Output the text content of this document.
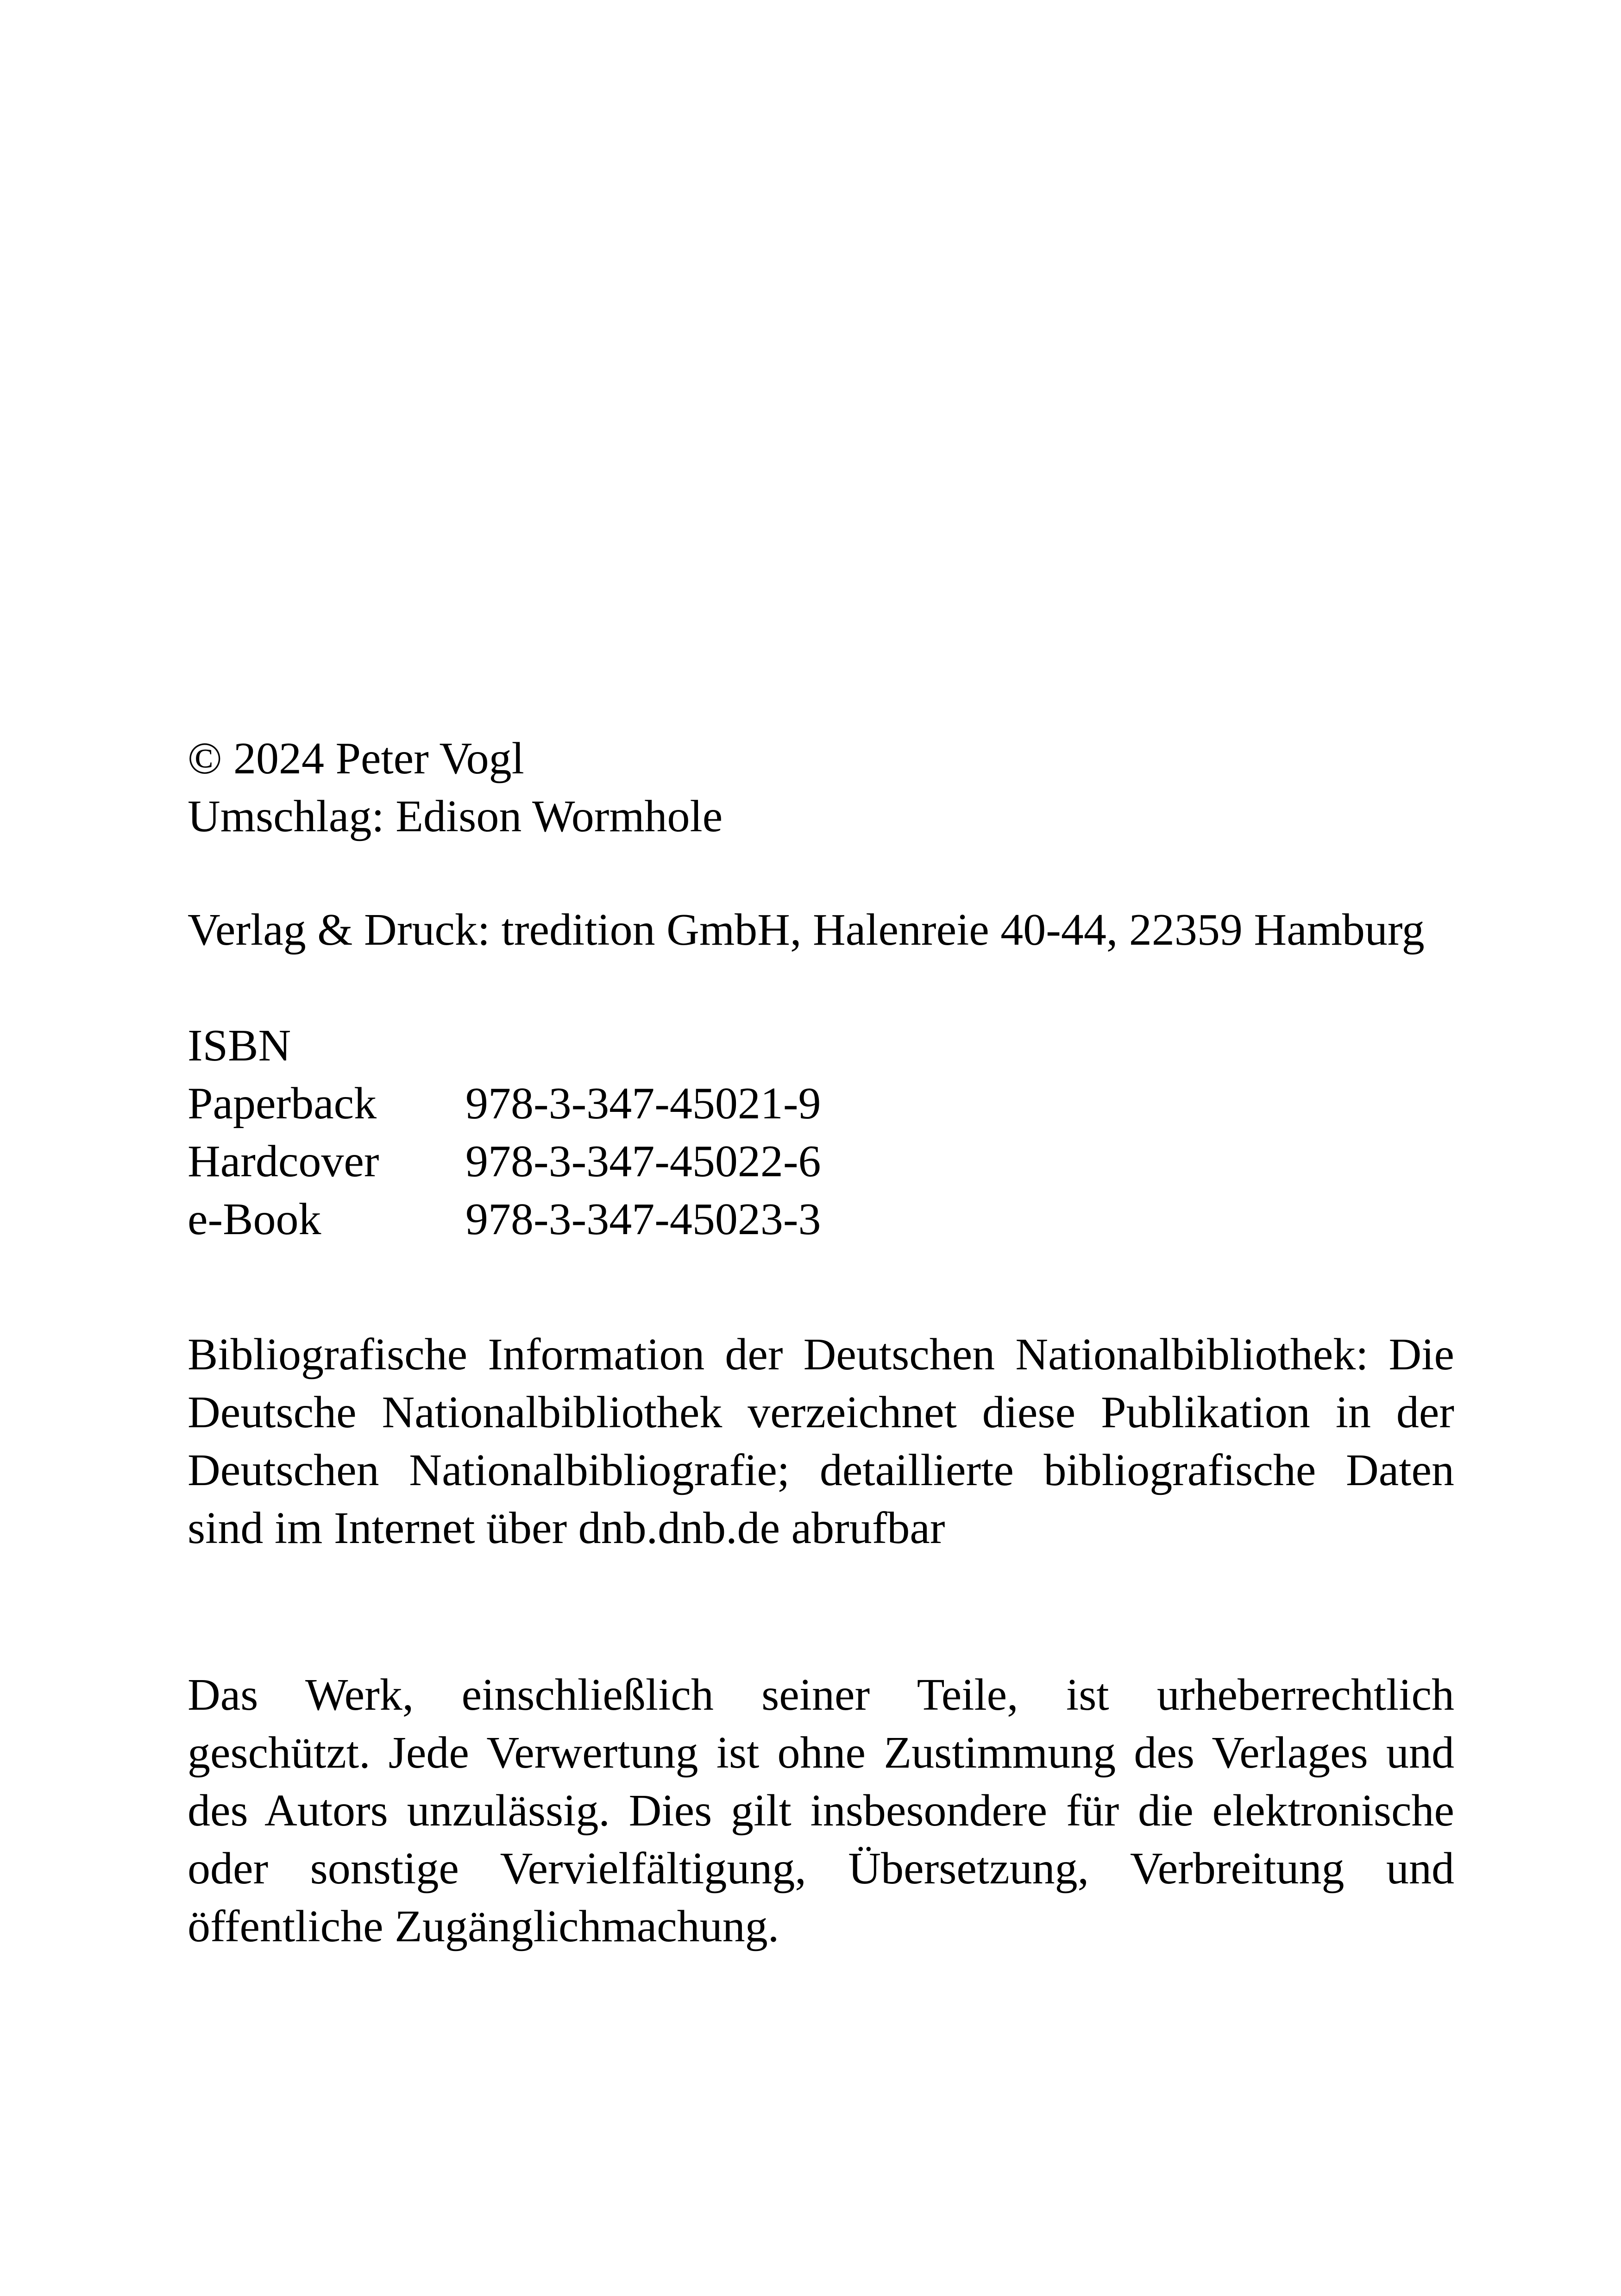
© 2024 Peter Vogl
Umschlag: Edison Wormhole
Verlag & Druck: tredition GmbH, Halenreie 40-44, 22359 Hamburg
ISBN
Paperback	978-3-347-45021-9
Hardcover	978-3-347-45022-6
e-Book	978-3-347-45023-3
Bibliografische Information der Deutschen Nationalbibliothek: Die
Deutsche Nationalbibliothek verzeichnet diese Publikation in der
Deutschen Nationalbibliografie; detaillierte bibliografische Daten
sind im Internet über dnb.dnb.de abrufbar
Das Werk, einschließlich seiner Teile, ist urheberrechtlich
geschützt. Jede Verwertung ist ohne Zustimmung des Verlages und
des Autors unzulässig. Dies gilt insbesondere für die elektronische
oder sonstige Vervielfältigung, Übersetzung, Verbreitung und
öffentliche Zugänglichmachung.
